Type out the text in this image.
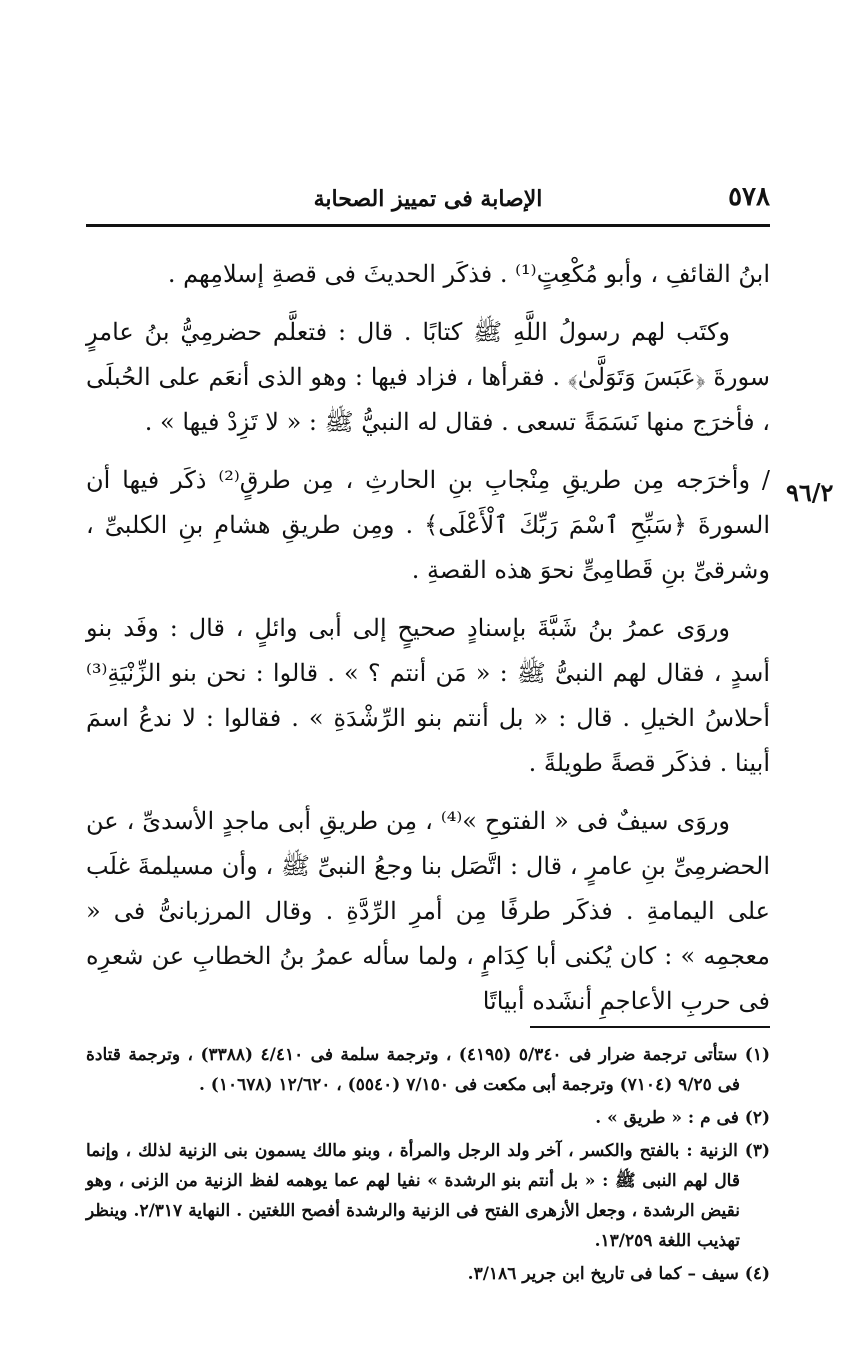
٥٧٨
الإصابة فى تمييز الصحابة
٩٦/٢

ابنُ القائفِ ، وأبو مُكْعِتٍ⁽¹⁾ . فذكَر الحديثَ فى قصةِ إسلامِهم .

وكتَب لهم رسولُ اللَّهِ ﷺ كتابًا . قال : فتعلَّم حضرمِيُّ بنُ عامرٍ سورةَ ﴿عَبَسَ وَتَوَلَّىٰ﴾ . فقرأها ، فزاد فيها : وهو الذى أنعَم على الحُبلَى ، فأخرَج منها نَسَمَةً تسعى . فقال له النبيُّ ﷺ : « لا تَزِدْ فيها » .

/ وأخرَجه مِن طريقِ مِنْجابِ بنِ الحارثِ ، مِن طرقٍ⁽²⁾ ذكَر فيها أن السورةَ ﴿سَبِّحِ ٱسْمَ رَبِّكَ ٱلْأَعْلَى﴾ . ومِن طريقِ هشامِ بنِ الكلبىِّ ، وشرقىِّ بنِ قَطامِىٍّ نحوَ هذه القصةِ .

وروَى عمرُ بنُ شَبَّةَ بإسنادٍ صحيحٍ إلى أبى وائلٍ ، قال : وفَد بنو أسدٍ ، فقال لهم النبىُّ ﷺ : « مَن أنتم ؟ » . قالوا : نحن بنو الزِّنْيَةِ⁽³⁾ أحلاسُ الخيلِ . قال : « بل أنتم بنو الرِّشْدَةِ » . فقالوا : لا ندعُ اسمَ أبينا . فذكَر قصةً طويلةً .

وروَى سيفٌ فى « الفتوحِ »⁽⁴⁾ ، مِن طريقِ أبى ماجدٍ الأسدىِّ ، عن الحضرمِىِّ بنِ عامرٍ ، قال : اتَّصَل بنا وجعُ النبىِّ ﷺ ، وأن مسيلمةَ غلَب على اليمامةِ . فذكَر طرفًا مِن أمرِ الرِّدَّةِ . وقال المرزبانىُّ فى « معجمِه » : كان يُكنى أبا كِدَامٍ ، ولما سأله عمرُ بنُ الخطابِ عن شعرِه فى حربِ الأعاجمِ أنشَده أبياتًا

(١) ستأتى ترجمة ضرار فى ٥/٣٤٠ (٤١٩٥) ، وترجمة سلمة فى ٤/٤١٠ (٣٣٨٨) ، وترجمة قتادة فى ٩/٢٥ (٧١٠٤) وترجمة أبى مكعت فى ٧/١٥٠ (٥٥٤٠) ، ١٢/٦٢٠ (١٠٦٧٨) .

(٢) فى م : « طريق » .

(٣) الزنية : بالفتح والكسر ، آخر ولد الرجل والمرأة ، وبنو مالك يسمون بنى الزنية لذلك ، وإنما قال لهم النبى ﷺ : « بل أنتم بنو الرشدة » نفيا لهم عما يوهمه لفظ الزنية من الزنى ، وهو نقيض الرشدة ، وجعل الأزهرى الفتح فى الزنية والرشدة أفصح اللغتين . النهاية ٢/٣١٧. وينظر تهذيب اللغة ١٣/٢٥٩.

(٤) سيف – كما فى تاريخ ابن جرير ٣/١٨٦.
